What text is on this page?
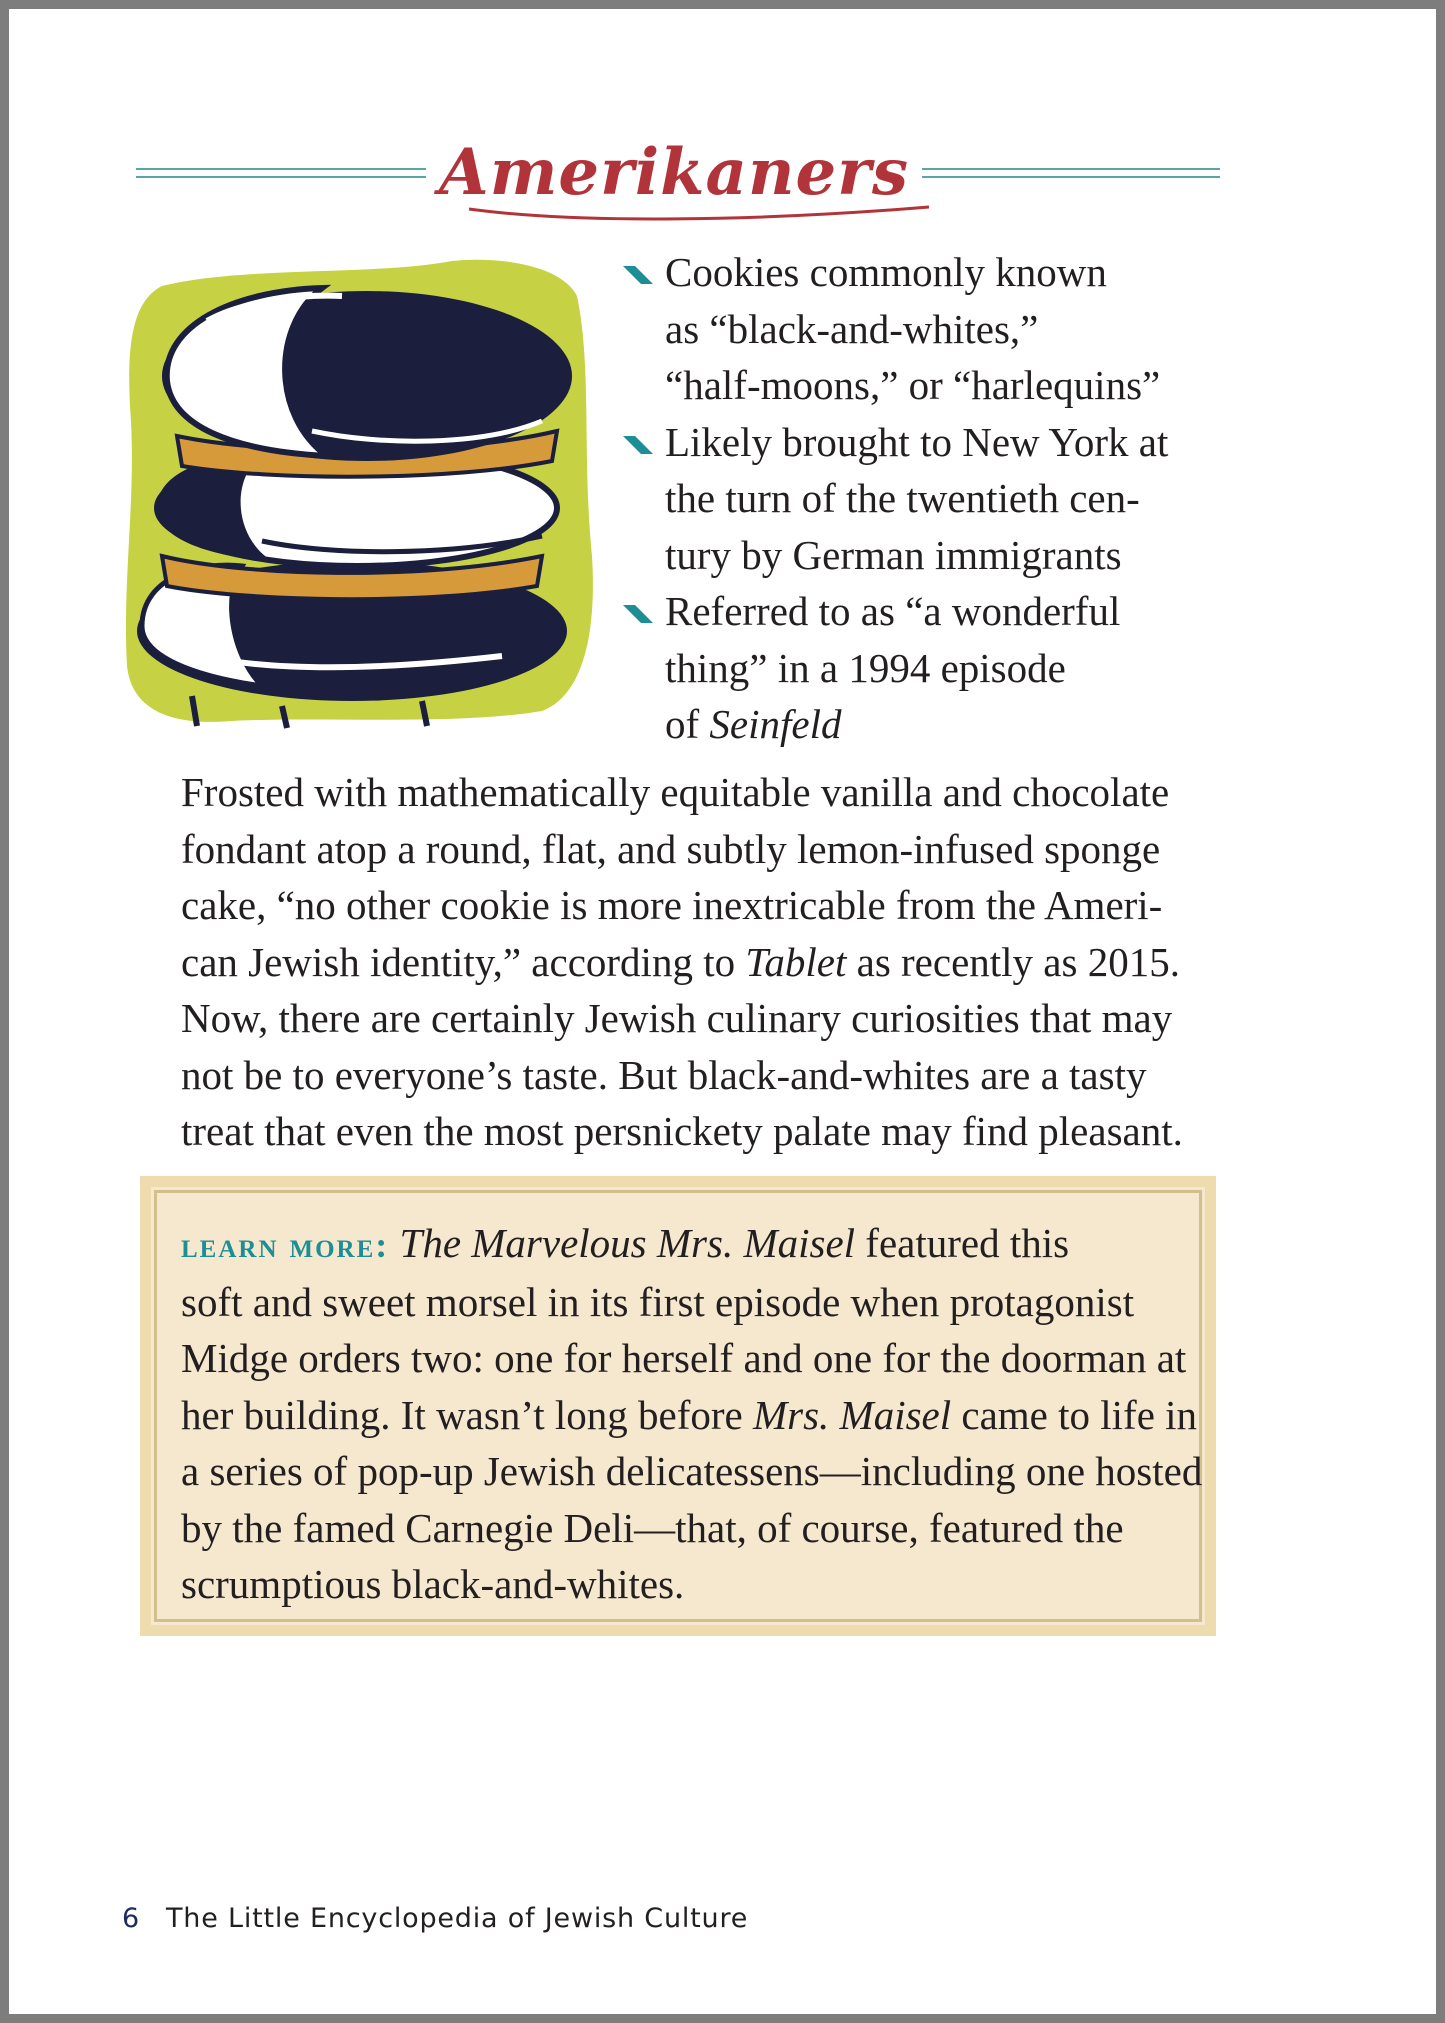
Amerikaners
Cookies commonly known
as “black-and-whites,”
“half-moons,” or “harlequins”
Likely brought to New York at
the turn of the twentieth cen-
tury by German immigrants
Referred to as “a wonderful
thing” in a 1994 episode
of Seinfeld

Frosted with mathematically equitable vanilla and chocolate
fondant atop a round, flat, and subtly lemon-infused sponge
cake, “no other cookie is more inextricable from the Ameri-
can Jewish identity,” according to Tablet as recently as 2015.
Now, there are certainly Jewish culinary curiosities that may
not be to everyone’s taste. But black-and-whites are a tasty
treat that even the most persnickety palate may find pleasant.

learn more: The Marvelous Mrs. Maisel featured this
soft and sweet morsel in its first episode when protagonist
Midge orders two: one for herself and one for the doorman at
her building. It wasn’t long before Mrs. Maisel came to life in
a series of pop-up Jewish delicatessens—including one hosted
by the famed Carnegie Deli—that, of course, featured the
scrumptious black-and-whites.

6 The Little Encyclopedia of Jewish Culture
